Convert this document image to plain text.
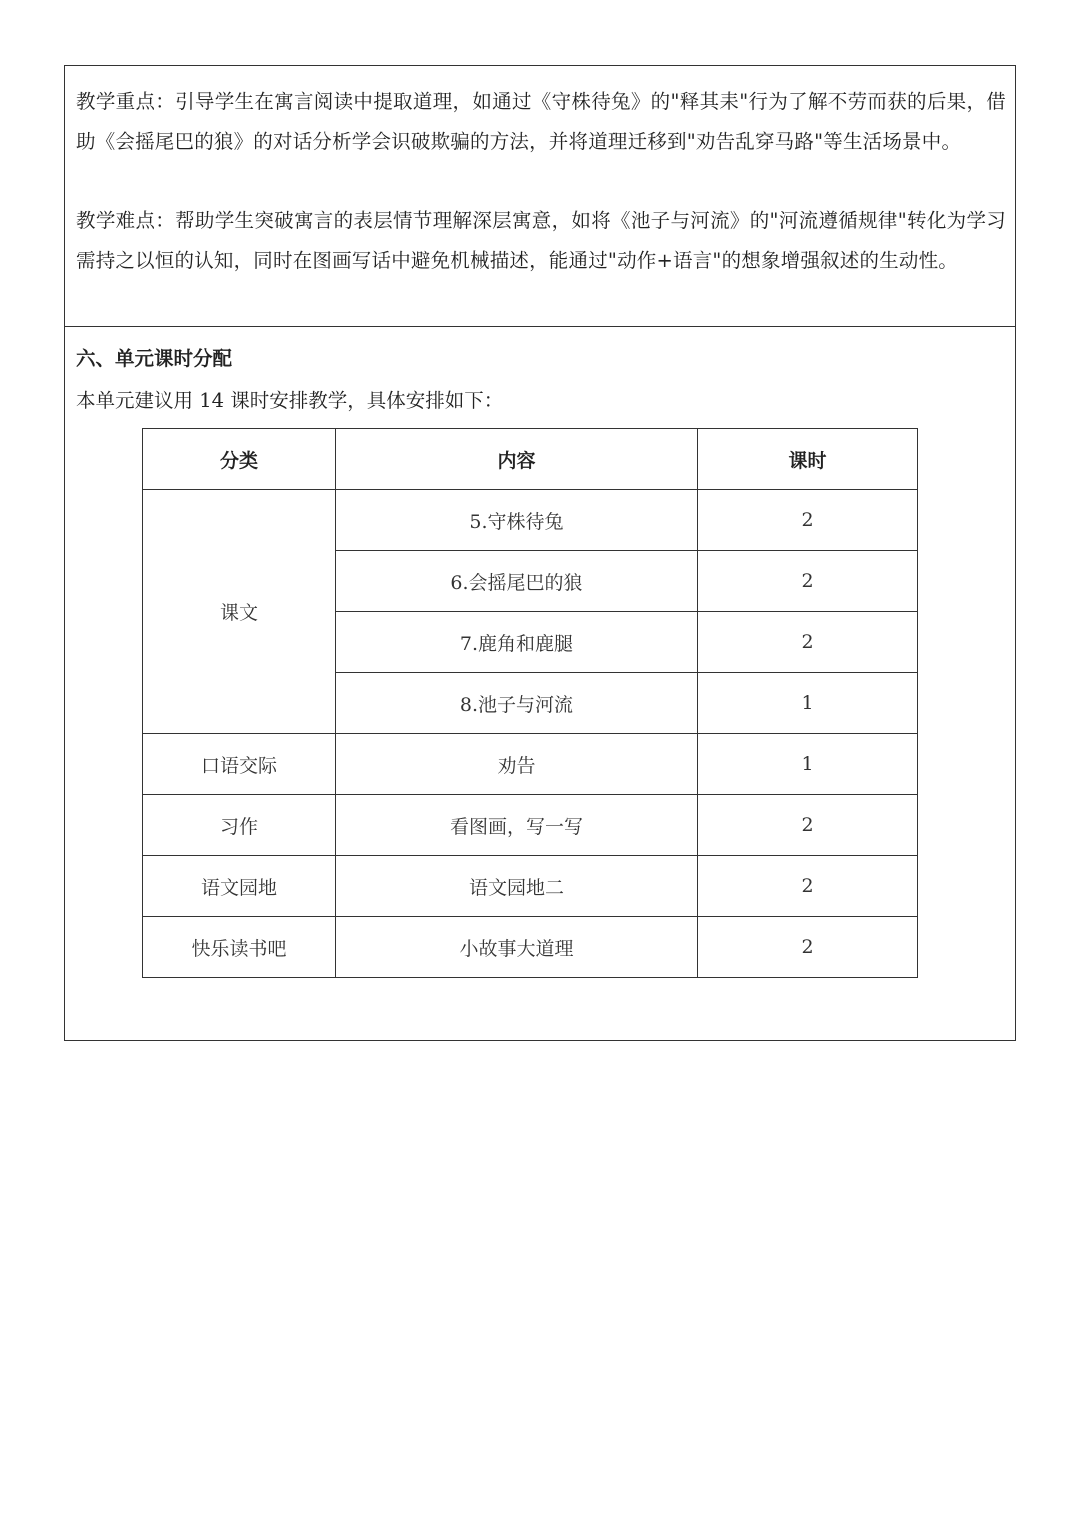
教学重点：引导学生在寓言阅读中提取道理，如通过《守株待兔》的"释其耒"行为了解不劳而获的后果，借助《会摇尾巴的狼》的对话分析学会识破欺骗的方法，并将道理迁移到"劝告乱穿马路"等生活场景中。

教学难点：帮助学生突破寓言的表层情节理解深层寓意，如将《池子与河流》的"河流遵循规律"转化为学习需持之以恒的认知，同时在图画写话中避免机械描述，能通过"动作+语言"的想象增强叙述的生动性。

六、单元课时分配

本单元建议用 14 课时安排教学，具体安排如下：

分类	内容	课时
课文	5.守株待兔	2
	6.会摇尾巴的狼	2
	7.鹿角和鹿腿	2
	8.池子与河流	1
口语交际	劝告	1
习作	看图画，写一写	2
语文园地	语文园地二	2
快乐读书吧	小故事大道理	2
